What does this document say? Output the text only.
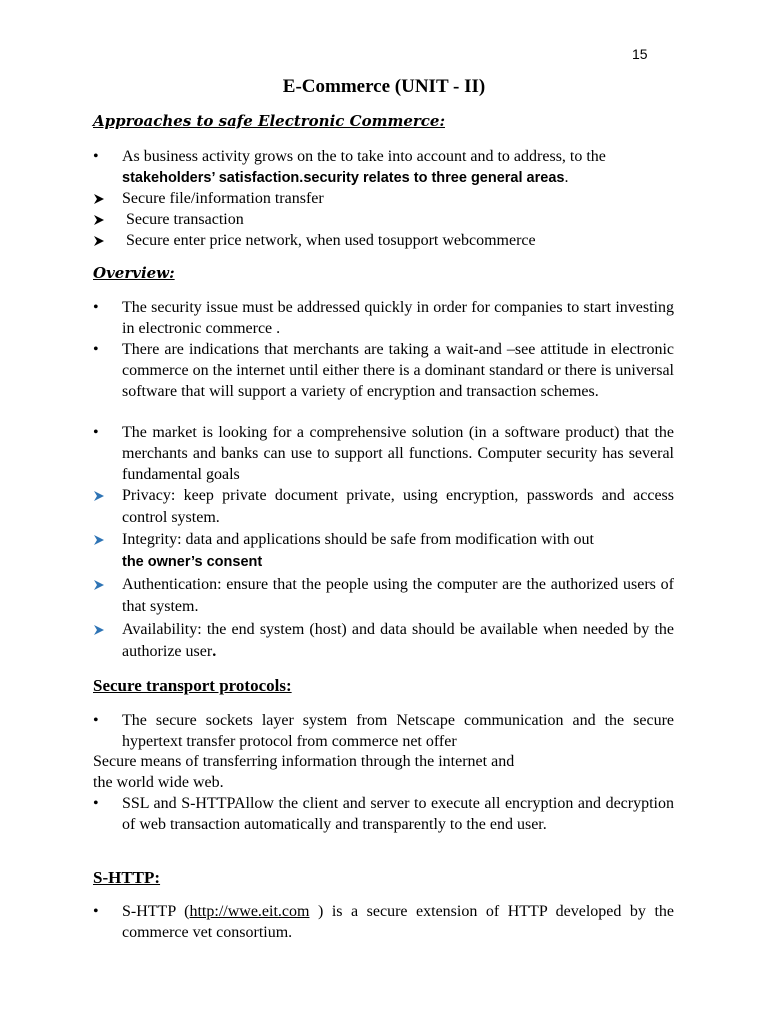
15
E-Commerce (UNIT - II)
Approaches to safe Electronic Commerce:
•
As business activity grows on the to take into account and to address, to the
stakeholders’ satisfaction.security relates to three general areas.
Secure file/information transfer
Secure transaction
Secure enter price network, when used tosupport webcommerce
Overview:
•
The security issue must be addressed quickly in order for companies to start investing in electronic commerce .
•
There are indications that merchants are taking a wait-and –see attitude in electronic commerce on the internet until either there is a dominant standard or there is universal software that will support a variety of encryption and transaction schemes.
•
The market is looking for a comprehensive solution (in a software product) that the merchants and banks can use to support all functions. Computer security has several fundamental goals
Privacy: keep private document private, using encryption, passwords and access control system.
Integrity: data and applications should be safe from modification with out
the owner’s consent
Authentication: ensure that the people using the computer are the authorized users of that system.
Availability: the end system (host) and data should be available when needed by the authorize user.
Secure transport protocols:
•
The secure sockets layer system from Netscape communication and the secure hypertext transfer protocol from commerce net offer
Secure means of transferring information through the internet and
the world wide web.
•
SSL and S-HTTPAllow the client and server to execute all encryption and decryption of web transaction automatically and transparently to the end user.
S-HTTP:
•
S-HTTP (http://wwe.eit.com ) is a secure extension of HTTP developed by the commerce vet consortium.
